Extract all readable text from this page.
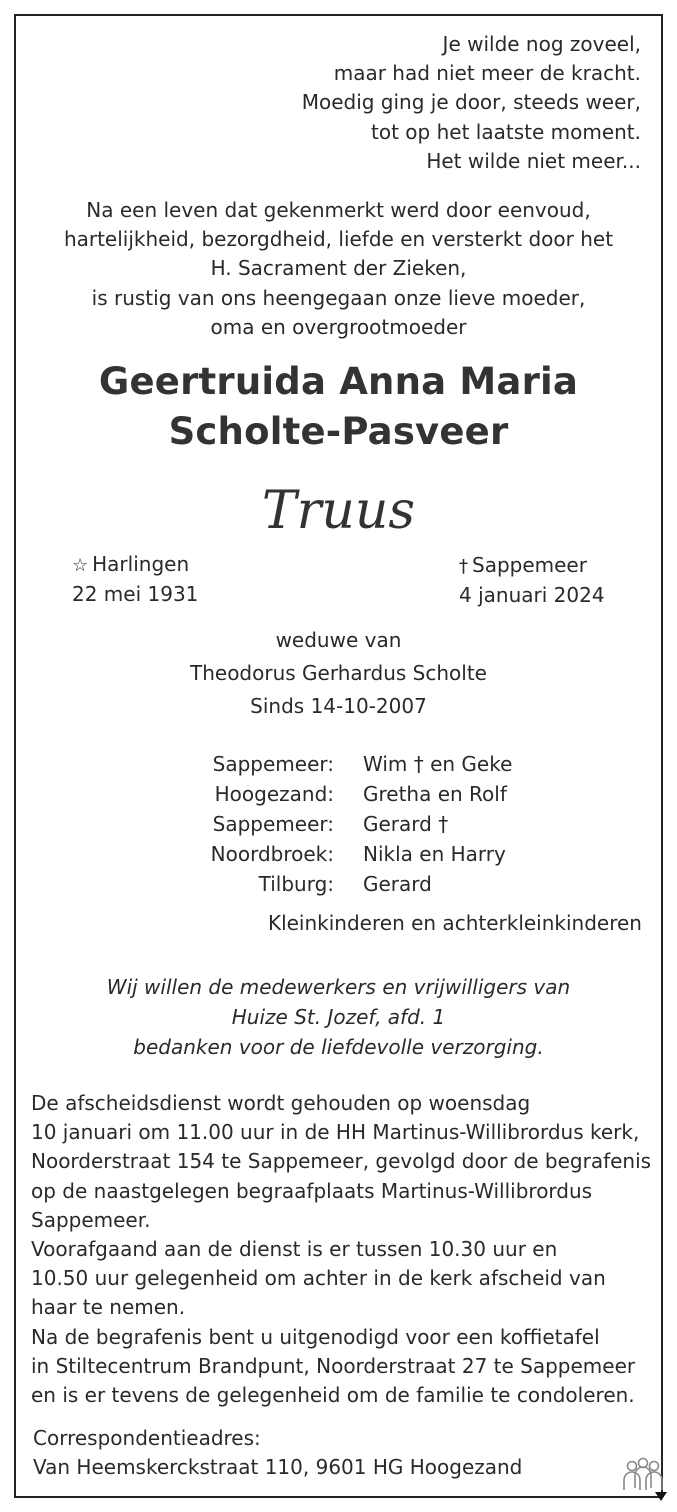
Je wilde nog zoveel,
maar had niet meer de kracht.
Moedig ging je door, steeds weer,
tot op het laatste moment.
Het wilde niet meer...
Na een leven dat gekenmerkt werd door eenvoud,
hartelijkheid, bezorgdheid, liefde en versterkt door het
H. Sacrament der Zieken,
is rustig van ons heengegaan onze lieve moeder,
oma en overgrootmoeder
Geertruida Anna Maria
Scholte-Pasveer
Truus
☆ Harlingen
22 mei 1931
† Sappemeer
4 januari 2024
weduwe van
Theodorus Gerhardus Scholte
Sinds 14-10-2007
Sappemeer:
Hoogezand:
Sappemeer:
Noordbroek:
Tilburg:
Wim † en Geke
Gretha en Rolf
Gerard †
Nikla en Harry
Gerard
Kleinkinderen en achterkleinkinderen
Wij willen de medewerkers en vrijwilligers van
Huize St. Jozef, afd. 1
bedanken voor de liefdevolle verzorging.
De afscheidsdienst wordt gehouden op woensdag
10 januari om 11.00 uur in de HH Martinus-Willibrordus kerk,
Noorderstraat 154 te Sappemeer, gevolgd door de begrafenis
op de naastgelegen begraafplaats Martinus-Willibrordus
Sappemeer.
Voorafgaand aan de dienst is er tussen 10.30 uur en
10.50 uur gelegenheid om achter in de kerk afscheid van
haar te nemen.
Na de begrafenis bent u uitgenodigd voor een koffietafel
in Stiltecentrum Brandpunt, Noorderstraat 27 te Sappemeer
en is er tevens de gelegenheid om de familie te condoleren.
Correspondentieadres:
Van Heemskerckstraat 110, 9601 HG Hoogezand
